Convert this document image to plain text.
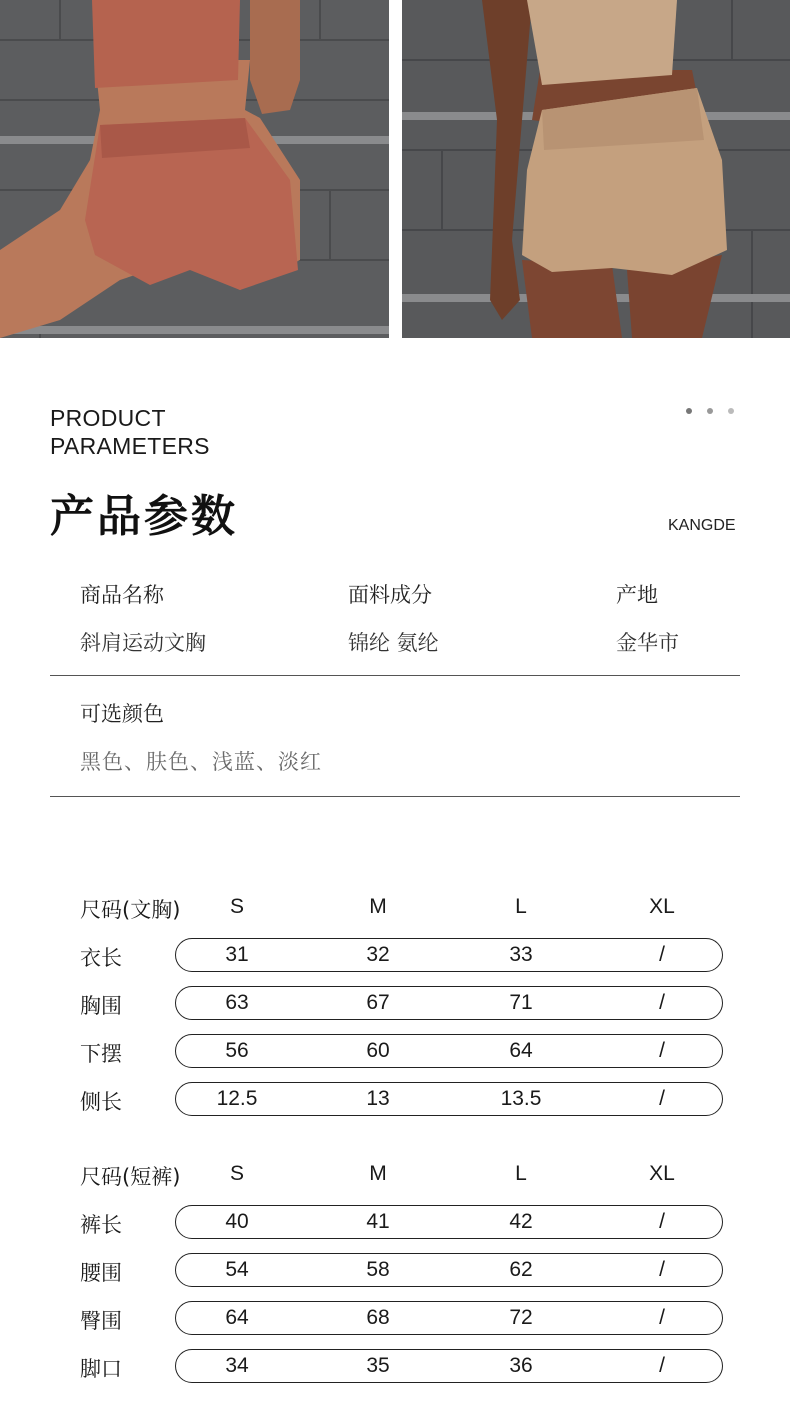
PRODUCT
PARAMETERS
产品参数	KANGDE
商品名称	面料成分	产地
斜肩运动文胸	锦纶 氨纶	金华市
可选颜色
黑色、肤色、浅蓝、淡红
尺码(文胸)	S	M	L	XL
衣长	31	32	33	/
胸围	63	67	71	/
下摆	56	60	64	/
侧长	12.5	13	13.5	/
尺码(短裤)	S	M	L	XL
裤长	40	41	42	/
腰围	54	58	62	/
臀围	64	68	72	/
脚口	34	35	36	/
